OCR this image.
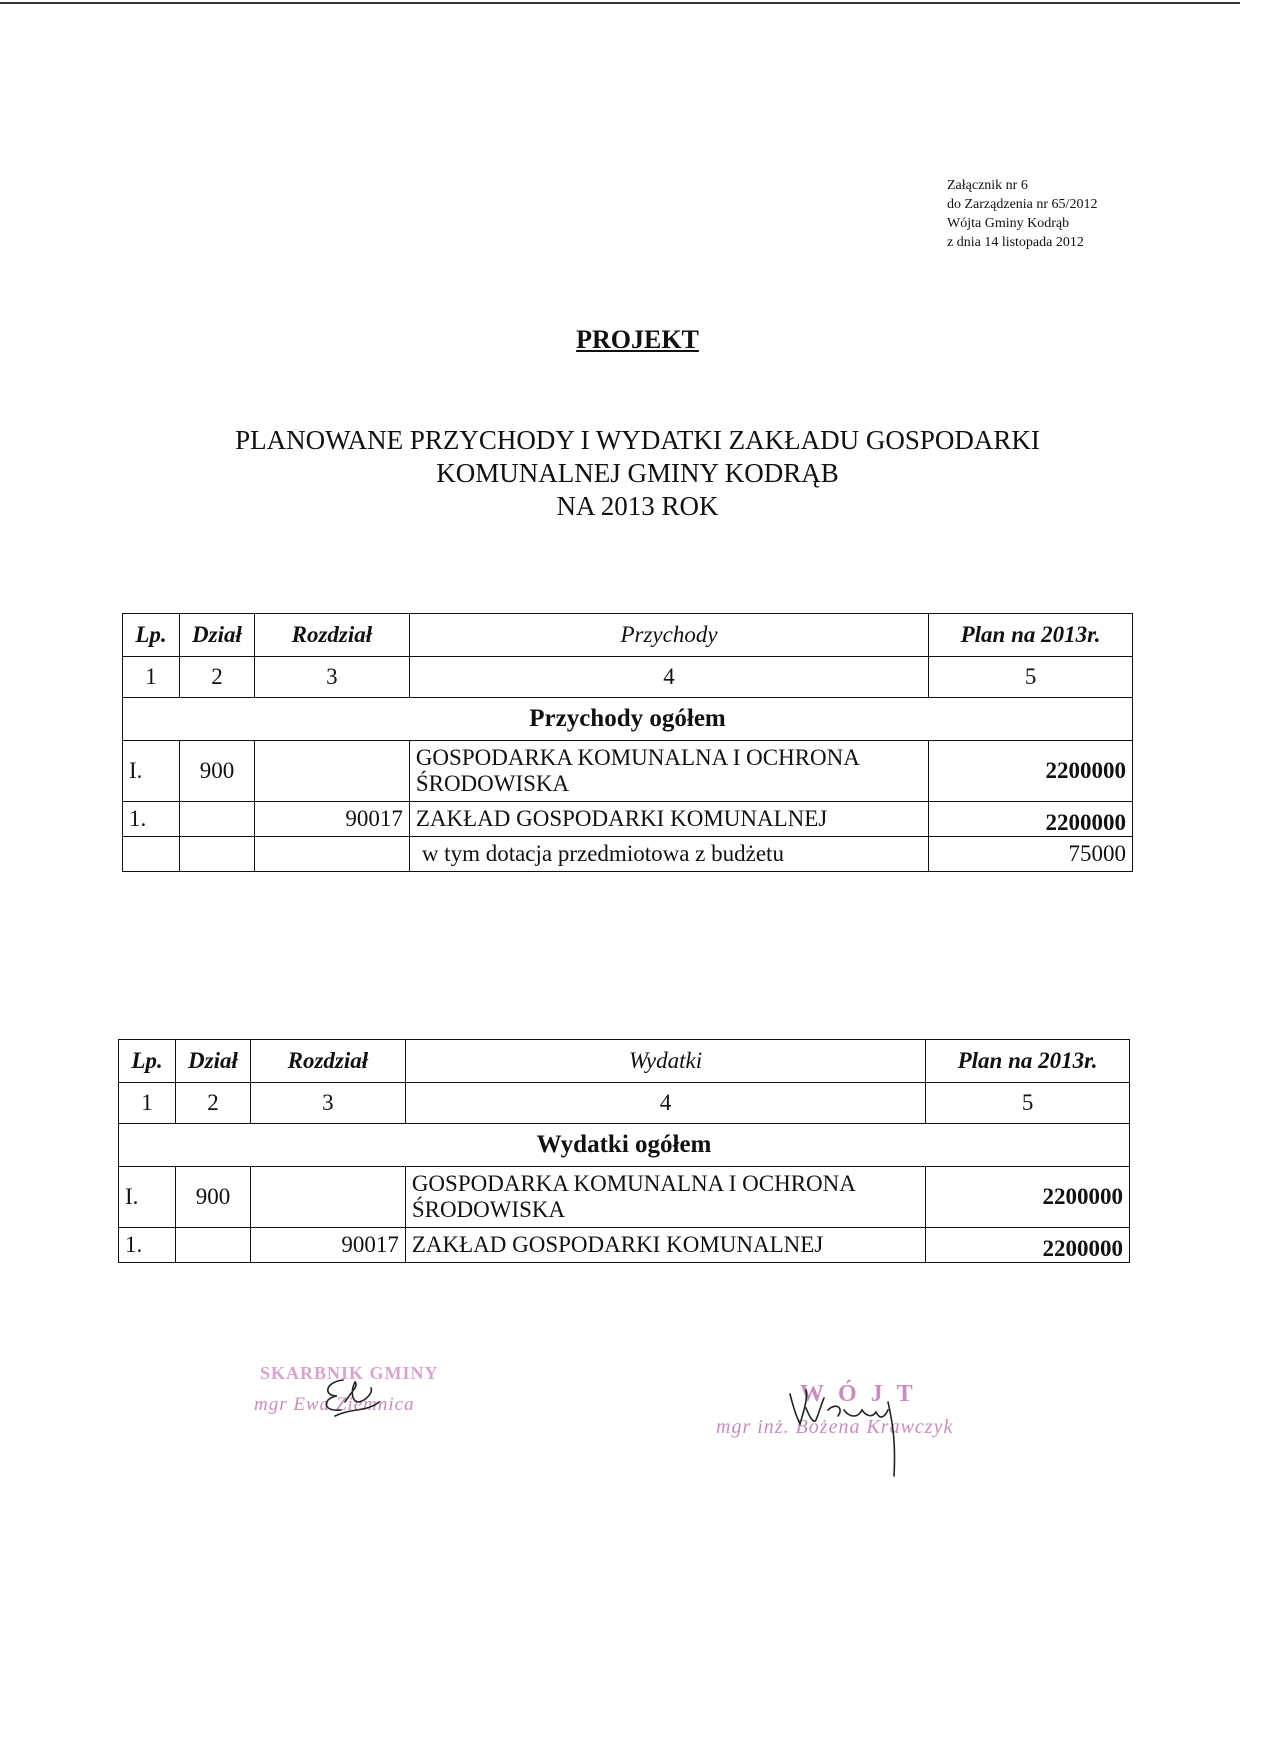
Załącznik nr 6
do Zarządzenia nr 65/2012
Wójta Gminy Kodrąb
z dnia 14 listopada 2012
PROJEKT
PLANOWANE PRZYCHODY I WYDATKI ZAKŁADU GOSPODARKI
KOMUNALNEJ GMINY KODRĄB
NA 2013 ROK
Lp.	Dział	Rozdział	Przychody	Plan na 2013r.
1	2	3	4	5
Przychody ogółem				
I.	900		GOSPODARKA KOMUNALNA I OCHRONA ŚRODOWISKA	2200000
1.		90017	ZAKŁAD GOSPODARKI KOMUNALNEJ	2200000
			w tym dotacja przedmiotowa z budżetu	75000
Lp.	Dział	Rozdział	Wydatki	Plan na 2013r.
1	2	3	4	5
Wydatki ogółem				
I.	900		GOSPODARKA KOMUNALNA I OCHRONA ŚRODOWISKA	2200000
1.		90017	ZAKŁAD GOSPODARKI KOMUNALNEJ	2200000
SKARBNIK GMINY
mgr Ewa Ziemnica	WÓJT
mgr inż. Bożena Krawczyk
